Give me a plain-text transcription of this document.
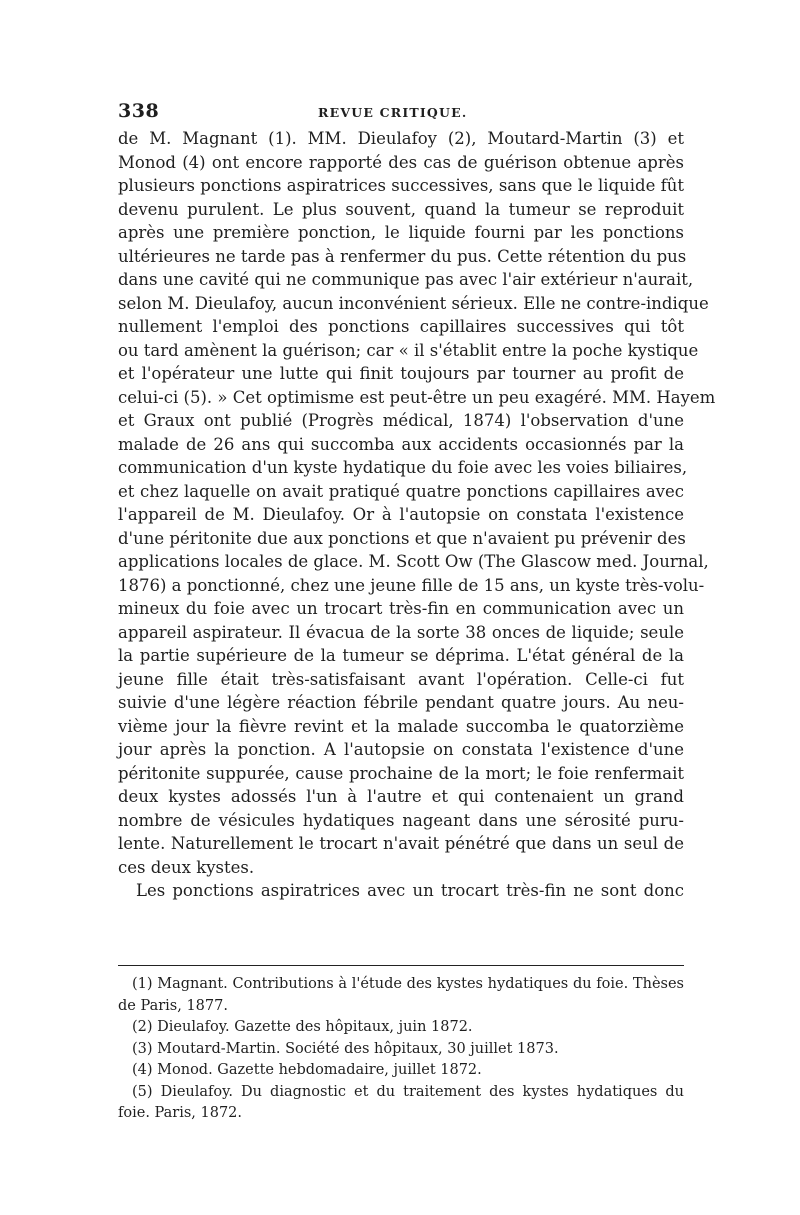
338	REVUE CRITIQUE.
de M. Magnant (1). MM. Dieulafoy (2), Moutard-Martin (3) et
Monod (4) ont encore rapporté des cas de guérison obtenue après
plusieurs ponctions aspiratrices successives, sans que le liquide fût
devenu purulent. Le plus souvent, quand la tumeur se reproduit
après une première ponction, le liquide fourni par les ponctions
ultérieures ne tarde pas à renfermer du pus. Cette rétention du pus
dans une cavité qui ne communique pas avec l'air extérieur n'aurait,
selon M. Dieulafoy, aucun inconvénient sérieux. Elle ne contre-indique
nullement l'emploi des ponctions capillaires successives qui tôt
ou tard amènent la guérison; car « il s'établit entre la poche kystique
et l'opérateur une lutte qui finit toujours par tourner au profit de
celui-ci (5). » Cet optimisme est peut-être un peu exagéré. MM. Hayem
et Graux ont publié (Progrès médical, 1874) l'observation d'une
malade de 26 ans qui succomba aux accidents occasionnés par la
communication d'un kyste hydatique du foie avec les voies biliaires,
et chez laquelle on avait pratiqué quatre ponctions capillaires avec
l'appareil de M. Dieulafoy. Or à l'autopsie on constata l'existence
d'une péritonite due aux ponctions et que n'avaient pu prévenir des
applications locales de glace. M. Scott Ow (The Glascow med. Journal,
1876) a ponctionné, chez une jeune fille de 15 ans, un kyste très-volu-
mineux du foie avec un trocart très-fin en communication avec un
appareil aspirateur. Il évacua de la sorte 38 onces de liquide; seule
la partie supérieure de la tumeur se déprima. L'état général de la
jeune fille était très-satisfaisant avant l'opération. Celle-ci fut
suivie d'une légère réaction fébrile pendant quatre jours. Au neu-
vième jour la fièvre revint et la malade succomba le quatorzième
jour après la ponction. A l'autopsie on constata l'existence d'une
péritonite suppurée, cause prochaine de la mort; le foie renfermait
deux kystes adossés l'un à l'autre et qui contenaient un grand
nombre de vésicules hydatiques nageant dans une sérosité puru-
lente. Naturellement le trocart n'avait pénétré que dans un seul de
ces deux kystes.
Les ponctions aspiratrices avec un trocart très-fin ne sont donc
(1) Magnant. Contributions à l'étude des kystes hydatiques du foie. Thèses
de Paris, 1877.
(2) Dieulafoy. Gazette des hôpitaux, juin 1872.
(3) Moutard-Martin. Société des hôpitaux, 30 juillet 1873.
(4) Monod. Gazette hebdomadaire, juillet 1872.
(5) Dieulafoy. Du diagnostic et du traitement des kystes hydatiques du
foie. Paris, 1872.
